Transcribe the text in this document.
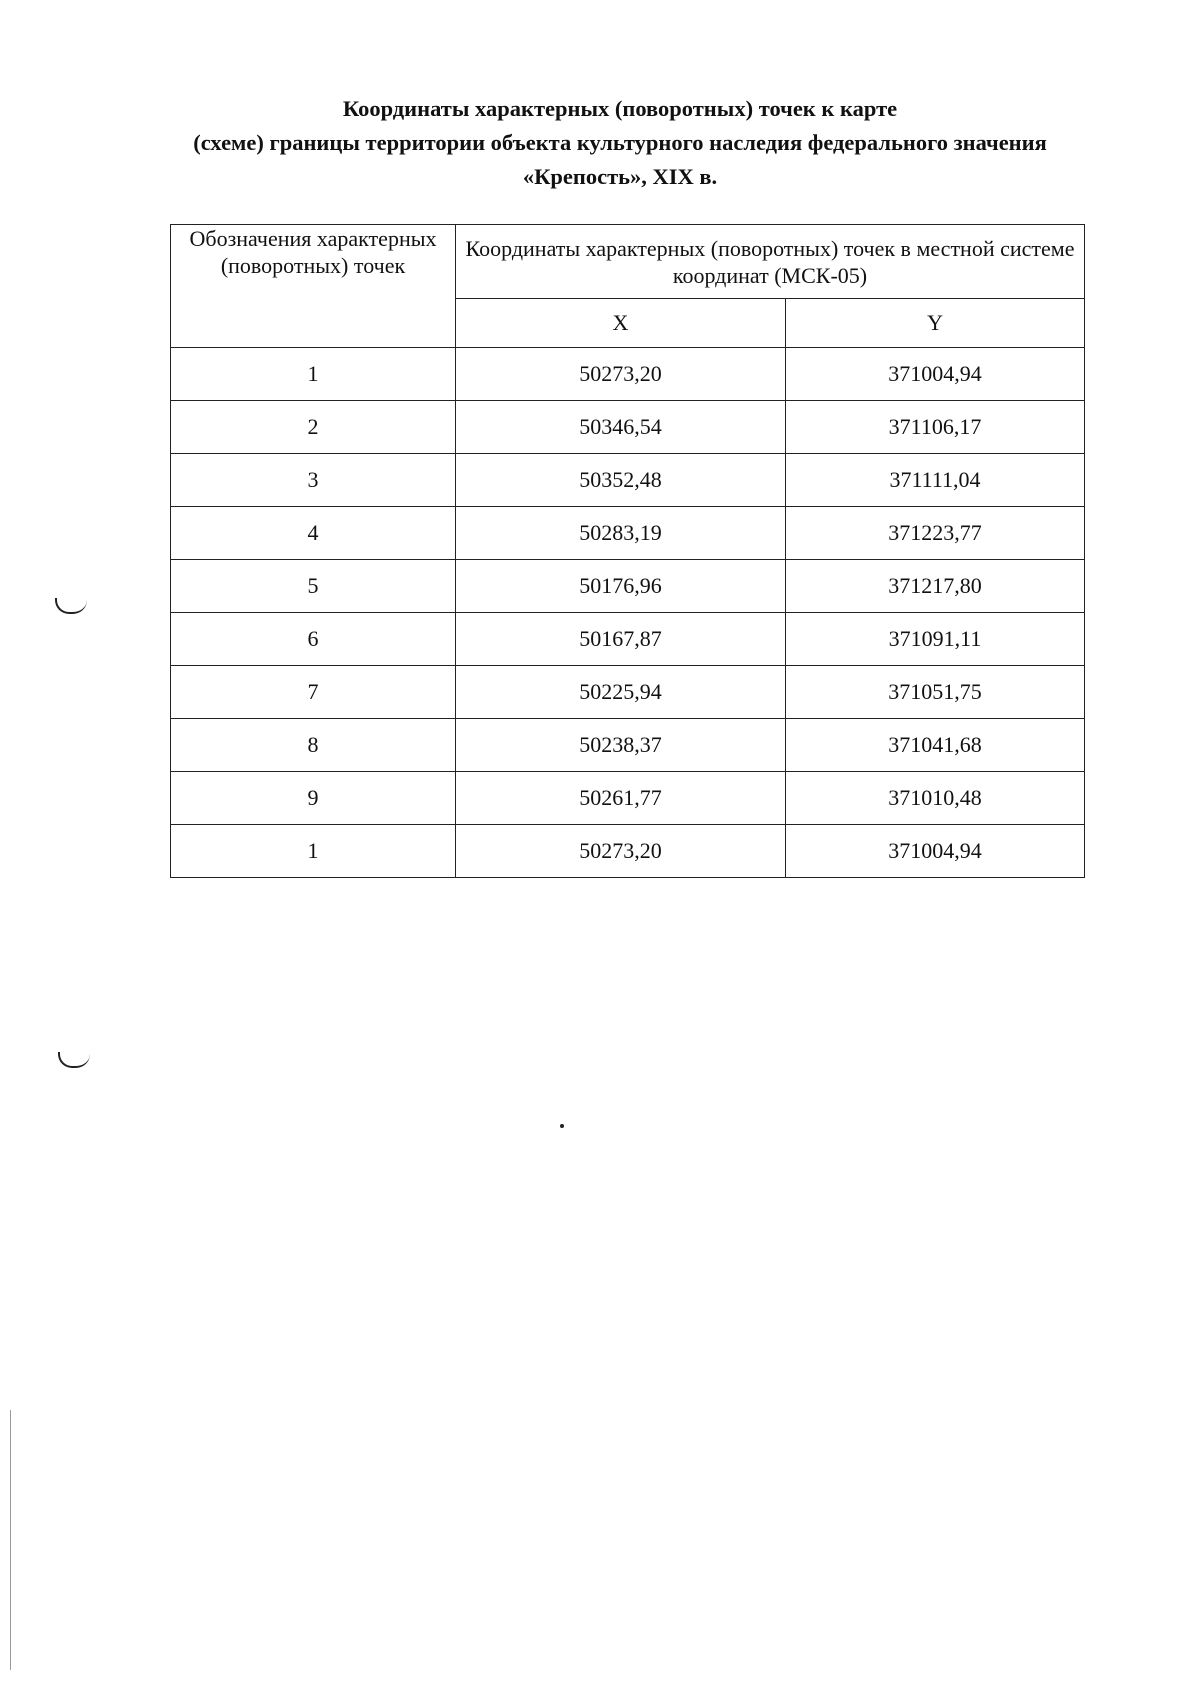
Координаты характерных (поворотных) точек к карте
(схеме) границы территории объекта культурного наследия федерального значения
«Крепость», XIX в.
Обозначения характерных (поворотных) точек	Координаты характерных (поворотных) точек в местной системе координат (МСК-05)	
	X	Y
1	50273,20	371004,94
2	50346,54	371106,17
3	50352,48	371111,04
4	50283,19	371223,77
5	50176,96	371217,80
6	50167,87	371091,11
7	50225,94	371051,75
8	50238,37	371041,68
9	50261,77	371010,48
1	50273,20	371004,94
